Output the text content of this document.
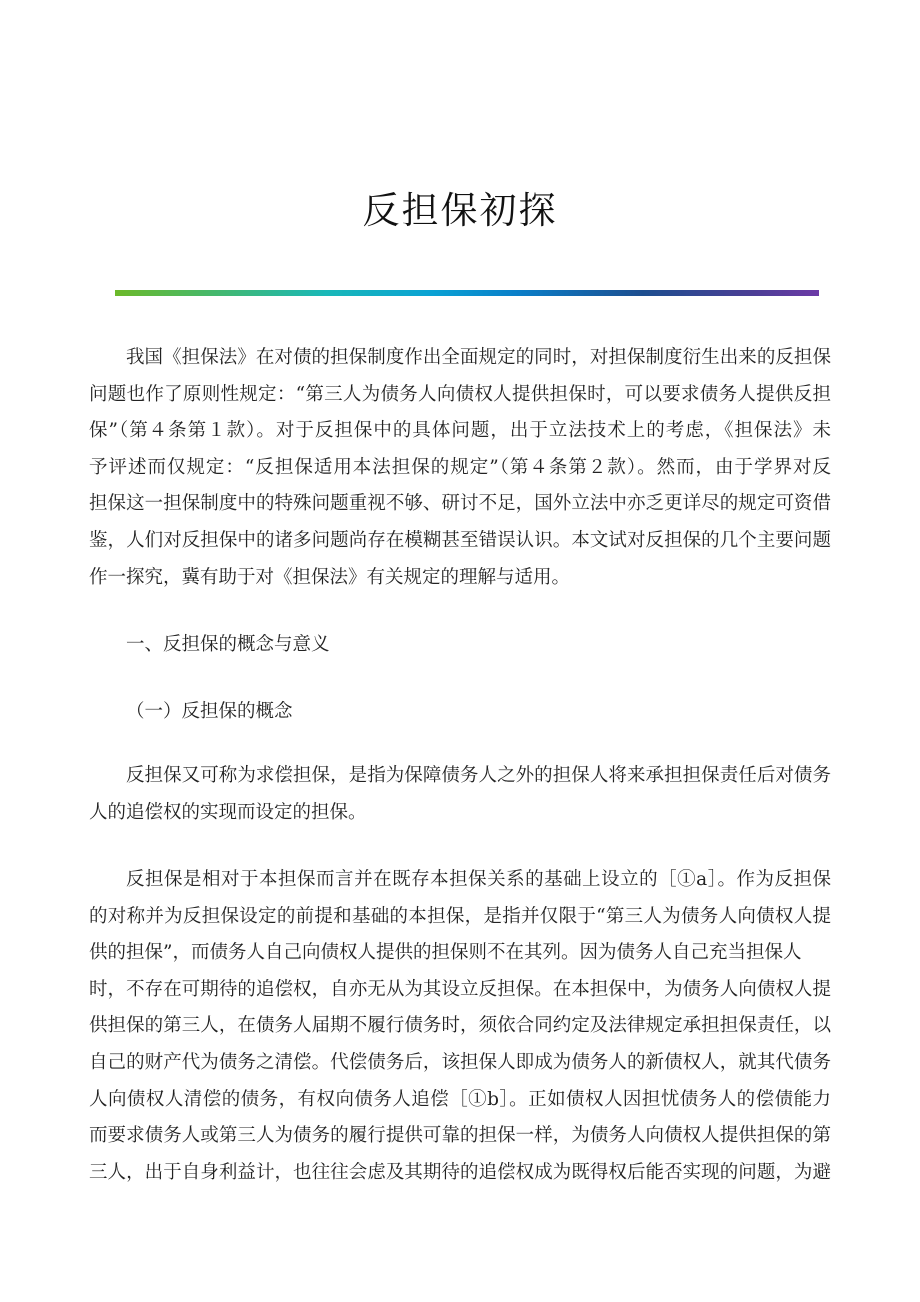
反担保初探
我国《担保法》在对债的担保制度作出全面规定的同时，对担保制度衍生出来的反担保
问题也作了原则性规定：“第三人为债务人向债权人提供担保时，可以要求债务人提供反担
保”（第４条第１款）。对于反担保中的具体问题，出于立法技术上的考虑，《担保法》未
予评述而仅规定：“反担保适用本法担保的规定”（第４条第２款）。然而，由于学界对反
担保这一担保制度中的特殊问题重视不够、研讨不足，国外立法中亦乏更详尽的规定可资借
鉴，人们对反担保中的诸多问题尚存在模糊甚至错误认识。本文试对反担保的几个主要问题
作一探究，冀有助于对《担保法》有关规定的理解与适用。
一、反担保的概念与意义
（一）反担保的概念
反担保又可称为求偿担保，是指为保障债务人之外的担保人将来承担担保责任后对债务
人的追偿权的实现而设定的担保。
反担保是相对于本担保而言并在既存本担保关系的基础上设立的［①a］。作为反担保
的对称并为反担保设定的前提和基础的本担保，是指并仅限于“第三人为债务人向债权人提
供的担保”，而债务人自己向债权人提供的担保则不在其列。因为债务人自己充当担保人
时，不存在可期待的追偿权，自亦无从为其设立反担保。在本担保中，为债务人向债权人提
供担保的第三人，在债务人届期不履行债务时，须依合同约定及法律规定承担担保责任，以
自己的财产代为债务之清偿。代偿债务后，该担保人即成为债务人的新债权人，就其代债务
人向债权人清偿的债务，有权向债务人追偿［①b］。正如债权人因担忧债务人的偿债能力
而要求债务人或第三人为债务的履行提供可靠的担保一样，为债务人向债权人提供担保的第
三人，出于自身利益计，也往往会虑及其期待的追偿权成为既得权后能否实现的问题，为避
